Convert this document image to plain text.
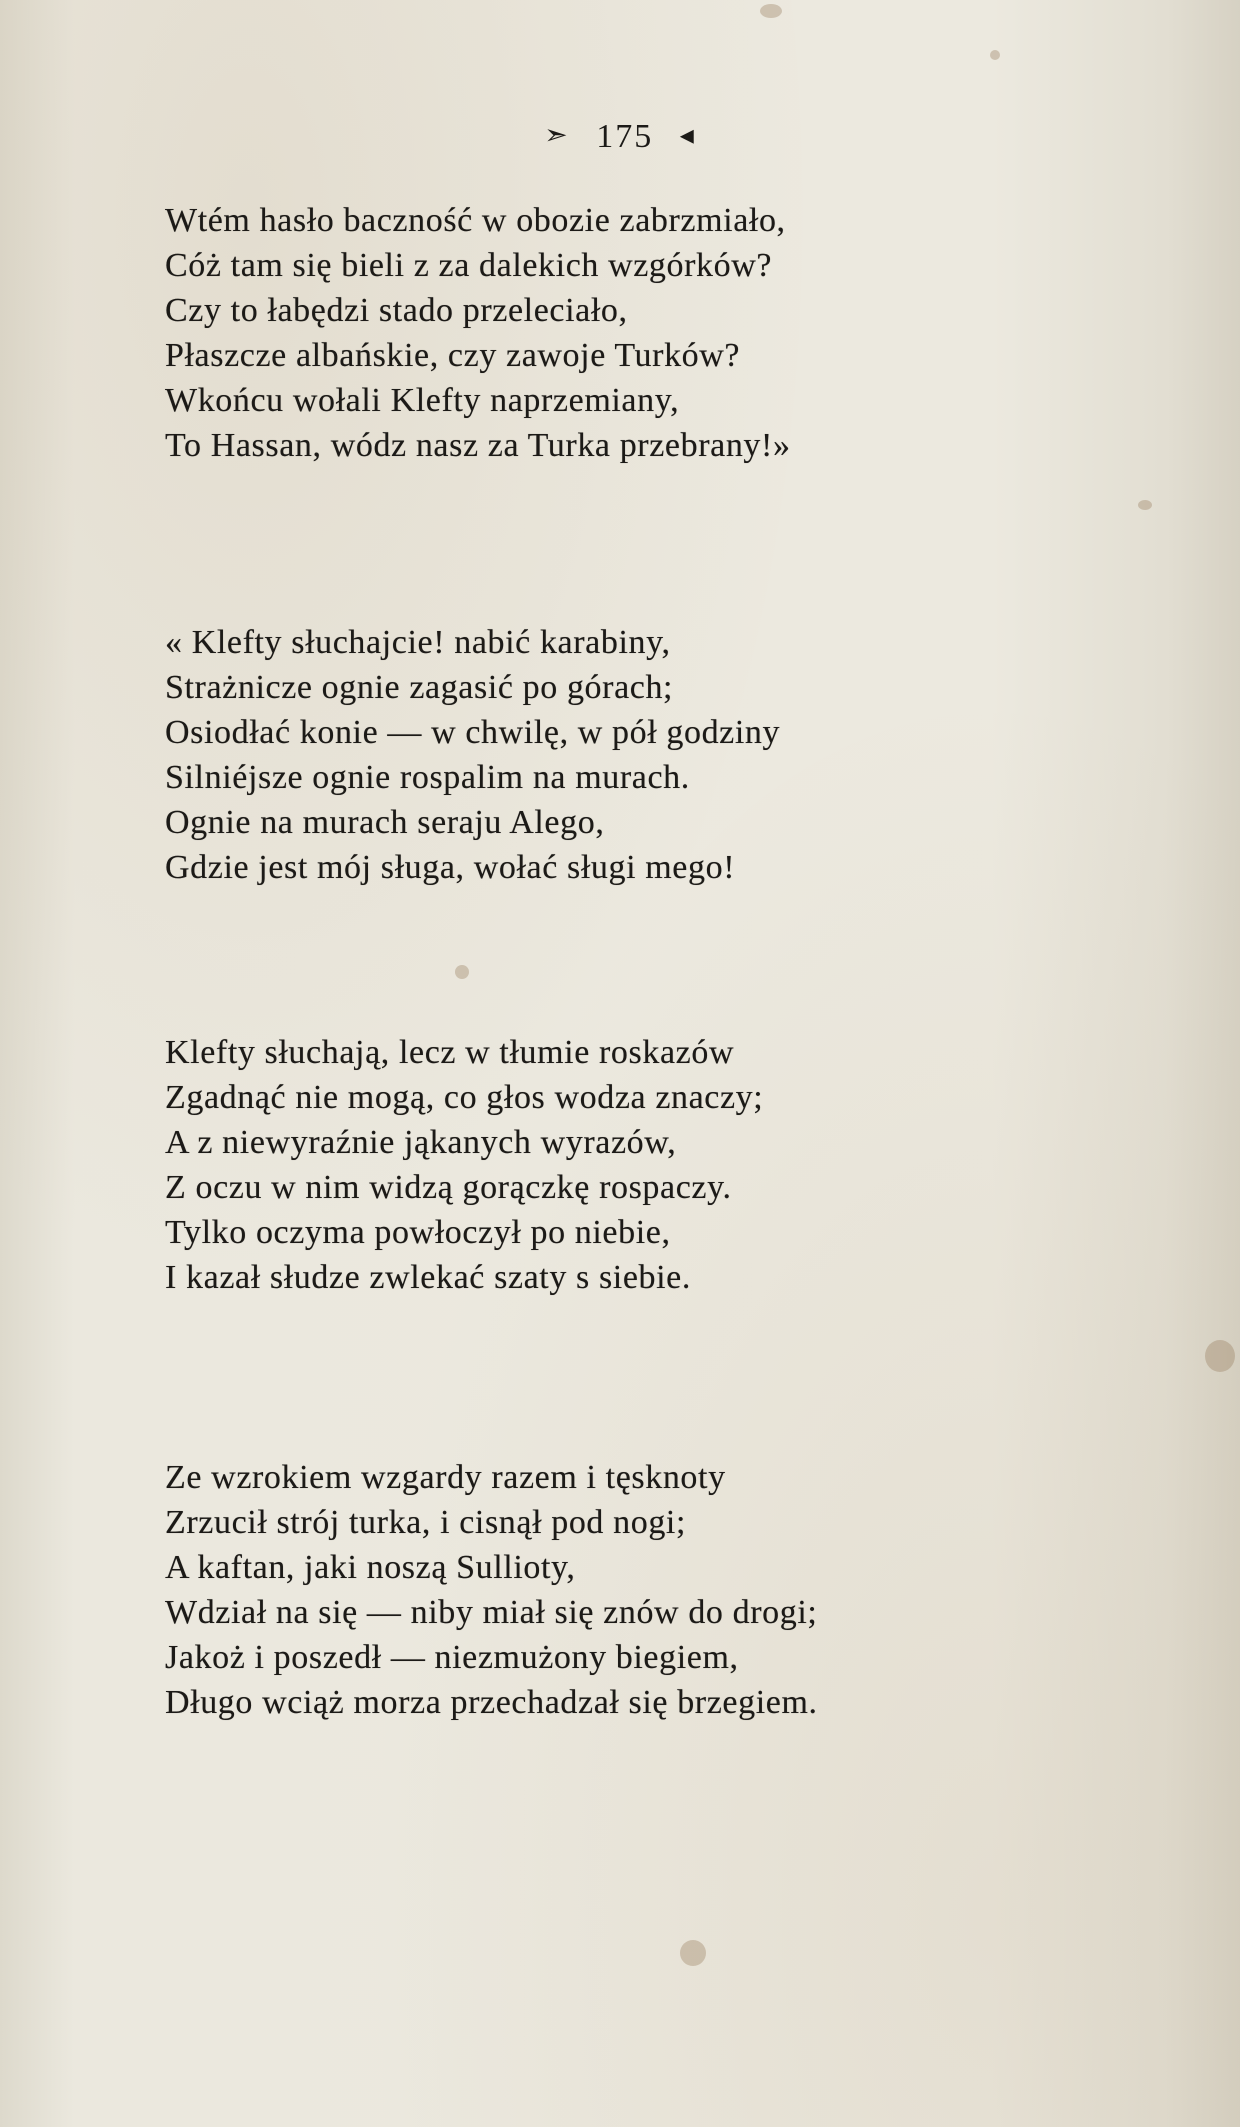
➣ 175 ◂
Wtém hasło baczność w obozie zabrzmiało,
Cóż tam się bieli z za dalekich wzgórków?
Czy to łabędzi stado przeleciało,
Płaszcze albańskie, czy zawoje Turków?
Wkońcu wołali Klefty naprzemiany,
To Hassan, wódz nasz za Turka przebrany!»
« Klefty słuchajcie! nabić karabiny,
Strażnicze ognie zagasić po górach;
Osiodłać konie — w chwilę, w pół godziny
Silniéjsze ognie rospalim na murach.
Ognie na murach seraju Alego,
Gdzie jest mój sługa, wołać sługi mego!
Klefty słuchają, lecz w tłumie roskazów
Zgadnąć nie mogą, co głos wodza znaczy;
A z niewyraźnie jąkanych wyrazów,
Z oczu w nim widzą gorączkę rospaczy.
Tylko oczyma powłoczył po niebie,
I kazał słudze zwlekać szaty s siebie.
Ze wzrokiem wzgardy razem i tęsknoty
Zrzucił strój turka, i cisnął pod nogi;
A kaftan, jaki noszą Sullioty,
Wdział na się — niby miał się znów do drogi;
Jakoż i poszedł — niezmużony biegiem,
Długo wciąż morza przechadzał się brzegiem.
